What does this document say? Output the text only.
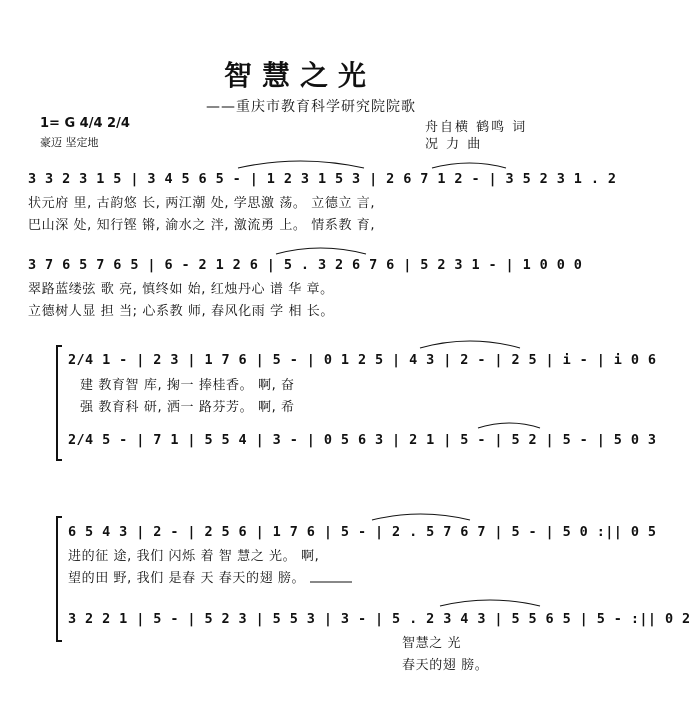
智慧之光
——重庆市教育科学研究院院歌
舟自横 鹤鸣 词
况 力 曲
1= G 4/4 2/4
豪迈 坚定地
3 3 2 3 1 5 | 3 4 5 6 5 - | 1 2 3 1 5 3 | 2 6 7 1 2 - | 3 5 2 3 1 . 2
状元府 里, 古韵悠 长, 两江潮 处, 学思激 荡。 立德立 言,
巴山深 处, 知行铿 锵, 渝水之 泮, 激流勇 上。 情系教 育,
3 7 6 5 7 6 5 | 6 - 2 1 2 6 | 5 . 3 2 6 7 6 | 5 2 3 1 - | 1 0 0 0
翠路蓝缕弦 歌 亮, 慎终如 始, 红烛丹心 谱 华 章。
立德树人显 担 当; 心系教 师, 春风化雨 学 相 长。
2/4 1 - | 2 3 | 1 7 6 | 5 - | 0 1 2 5 | 4 3 | 2 - | 2 5 | i - | i 0 6
建 教育智 库, 掬一 捧桂香。 啊, 奋
强 教育科 研, 洒一 路芬芳。 啊, 希
2/4 5 - | 7 1 | 5 5 4 | 3 - | 0 5 6 3 | 2 1 | 5 - | 5 2 | 5 - | 5 0 3
6 5 4 3 | 2 - | 2 5 6 | 1 7 6 | 5 - | 2 . 5 7 6 7 | 5 - | 5 0 :|| 0 5
进的征 途, 我们 闪烁 着 智 慧之 光。 啊,
望的田 野, 我们 是春 天 春天的翅 膀。
3 2 2 1 | 5 - | 5 2 3 | 5 5 3 | 3 - | 5 . 2 3 4 3 | 5 5 6 5 | 5 - :|| 0 2
智慧之 光
春天的翅 膀。
